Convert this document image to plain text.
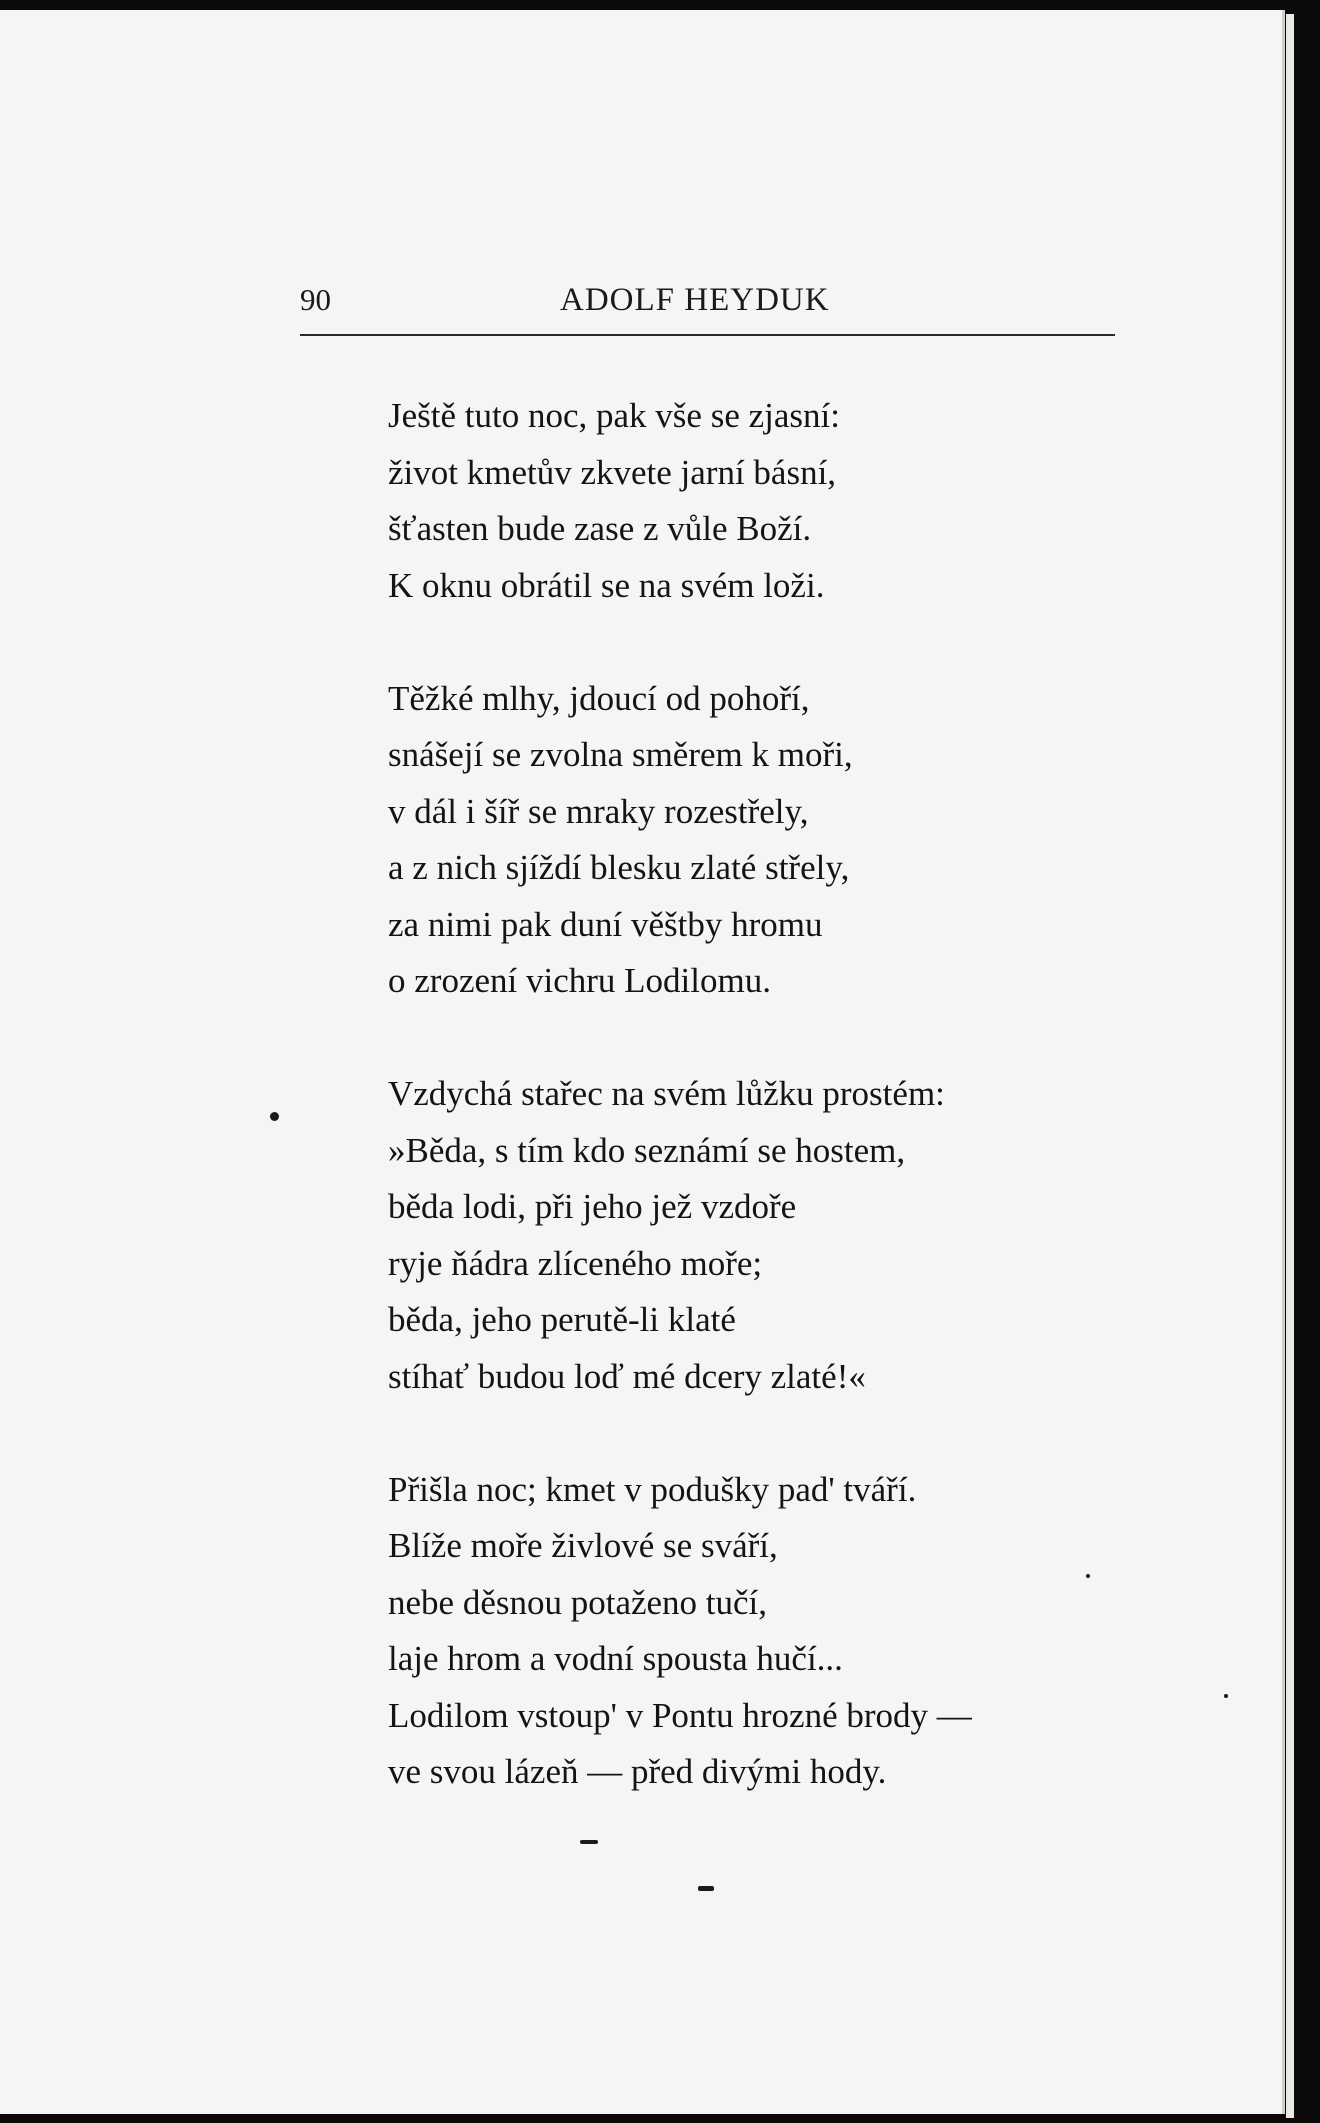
90	ADOLF HEYDUK
Ještě tuto noc, pak vše se zjasní:
život kmetův zkvete jarní básní,
šťasten bude zase z vůle Boží.
K oknu obrátil se na svém loži.
Těžké mlhy, jdoucí od pohoří,
snášejí se zvolna směrem k moři,
v dál i šíř se mraky rozestřely,
a z nich sjíždí blesku zlaté střely,
za nimi pak duní věštby hromu
o zrození vichru Lodilomu.
Vzdychá stařec na svém lůžku prostém:
»Běda, s tím kdo seznámí se hostem,
běda lodi, při jeho jež vzdoře
ryje ňádra zlíceného moře;
běda, jeho perutě-li klaté
stíhať budou loď mé dcery zlaté!«
Přišla noc; kmet v podušky pad' tváří.
Blíže moře živlové se sváří,
nebe děsnou potaženo tučí,
laje hrom a vodní spousta hučí...
Lodilom vstoup' v Pontu hrozné brody —
ve svou lázeň — před divými hody.
